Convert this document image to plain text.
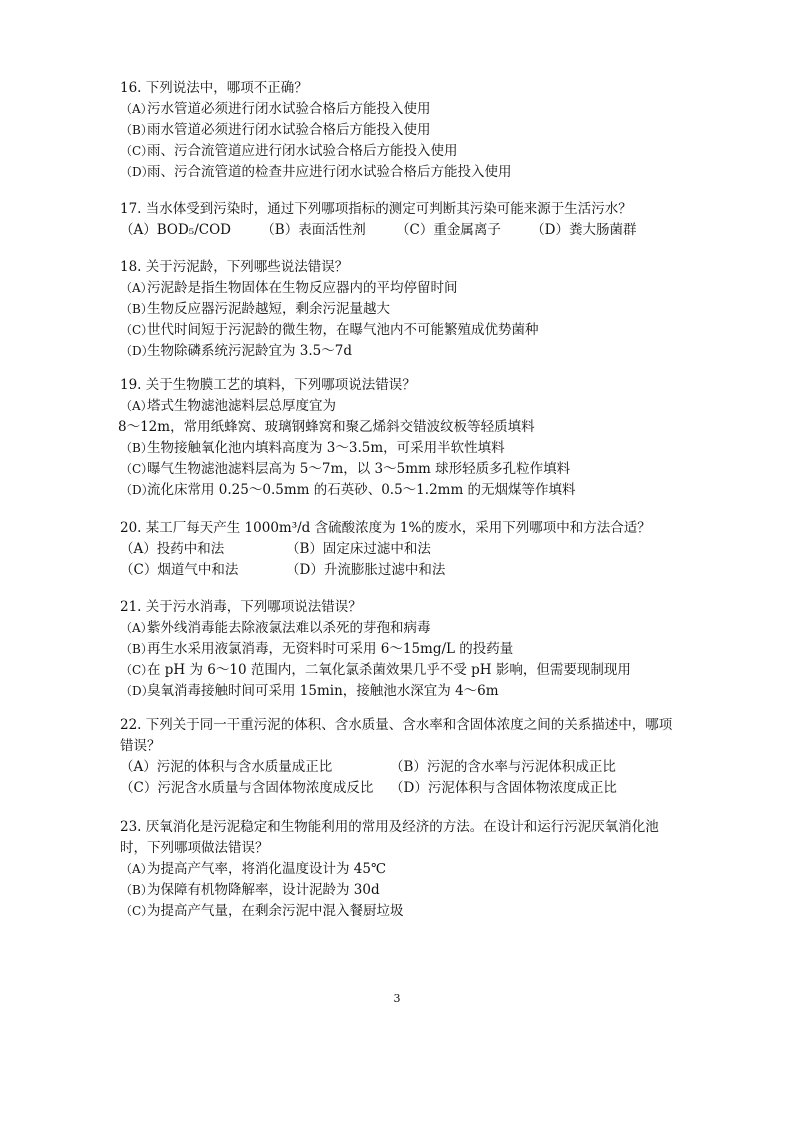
16. 下列说法中，哪项不正确？
（A）
污水管道必须进行闭水试验合格后方能投入使用
（B）
雨水管道必须进行闭水试验合格后方能投入使用
（C）
雨、污合流管道应进行闭水试验合格后方能投入使用
（D）
雨、污合流管道的检查井应进行闭水试验合格后方能投入使用
17. 当水体受到污染时，通过下列哪项指标的测定可判断其污染可能来源于生活污水？
（A）BOD₅/COD （B）表面活性剂 （C）重金属离子 （D）粪大肠菌群
18. 关于污泥龄，下列哪些说法错误？
（A）
污泥龄是指生物固体在生物反应器内的平均停留时间
（B）
生物反应器污泥龄越短，剩余污泥量越大
（C）
世代时间短于污泥龄的微生物，在曝气池内不可能繁殖成优势菌种
（D）
生物除磷系统污泥龄宜为 3.5～7d
19. 关于生物膜工艺的填料，下列哪项说法错误？
（A）
塔式生物滤池滤料层总厚度宜为
8～12m，常用纸蜂窝、玻璃钢蜂窝和聚乙烯斜交错波纹板等轻质填料
（B）
生物接触氧化池内填料高度为 3～3.5m，可采用半软性填料
（C）
曝气生物滤池滤料层高为 5～7m，以 3～5mm 球形轻质多孔粒作填料
（D）
流化床常用 0.25～0.5mm 的石英砂、0.5～1.2mm 的无烟煤等作填料
20. 某工厂每天产生 1000m³/d 含硫酸浓度为 1%的废水，采用下列哪项中和方法合适？
（A）投药中和法	（B）固定床过滤中和法
（C）烟道气中和法	（D）升流膨胀过滤中和法
21. 关于污水消毒，下列哪项说法错误？
（A）
紫外线消毒能去除液氯法难以杀死的芽孢和病毒
（B）
再生水采用液氯消毒，无资料时可采用 6～15mg/L 的投药量
（C）
在 pH 为 6～10 范围内，二氧化氯杀菌效果几乎不受 pH 影响，但需要现制现用
（D）
臭氧消毒接触时间可采用 15min，接触池水深宜为 4～6m
22. 下列关于同一干重污泥的体积、含水质量、含水率和含固体浓度之间的关系描述中，哪项错误？
（A）污泥的体积与含水质量成正比	（B）污泥的含水率与污泥体积成正比
（C）污泥含水质量与含固体物浓度成反比	（D）污泥体积与含固体物浓度成正比
23. 厌氧消化是污泥稳定和生物能利用的常用及经济的方法。在设计和运行污泥厌氧消化池时，下列哪项做法错误？
（A）
为提高产气率，将消化温度设计为 45℃
（B）
为保障有机物降解率，设计泥龄为 30d
（C）
为提高产气量，在剩余污泥中混入餐厨垃圾
3
